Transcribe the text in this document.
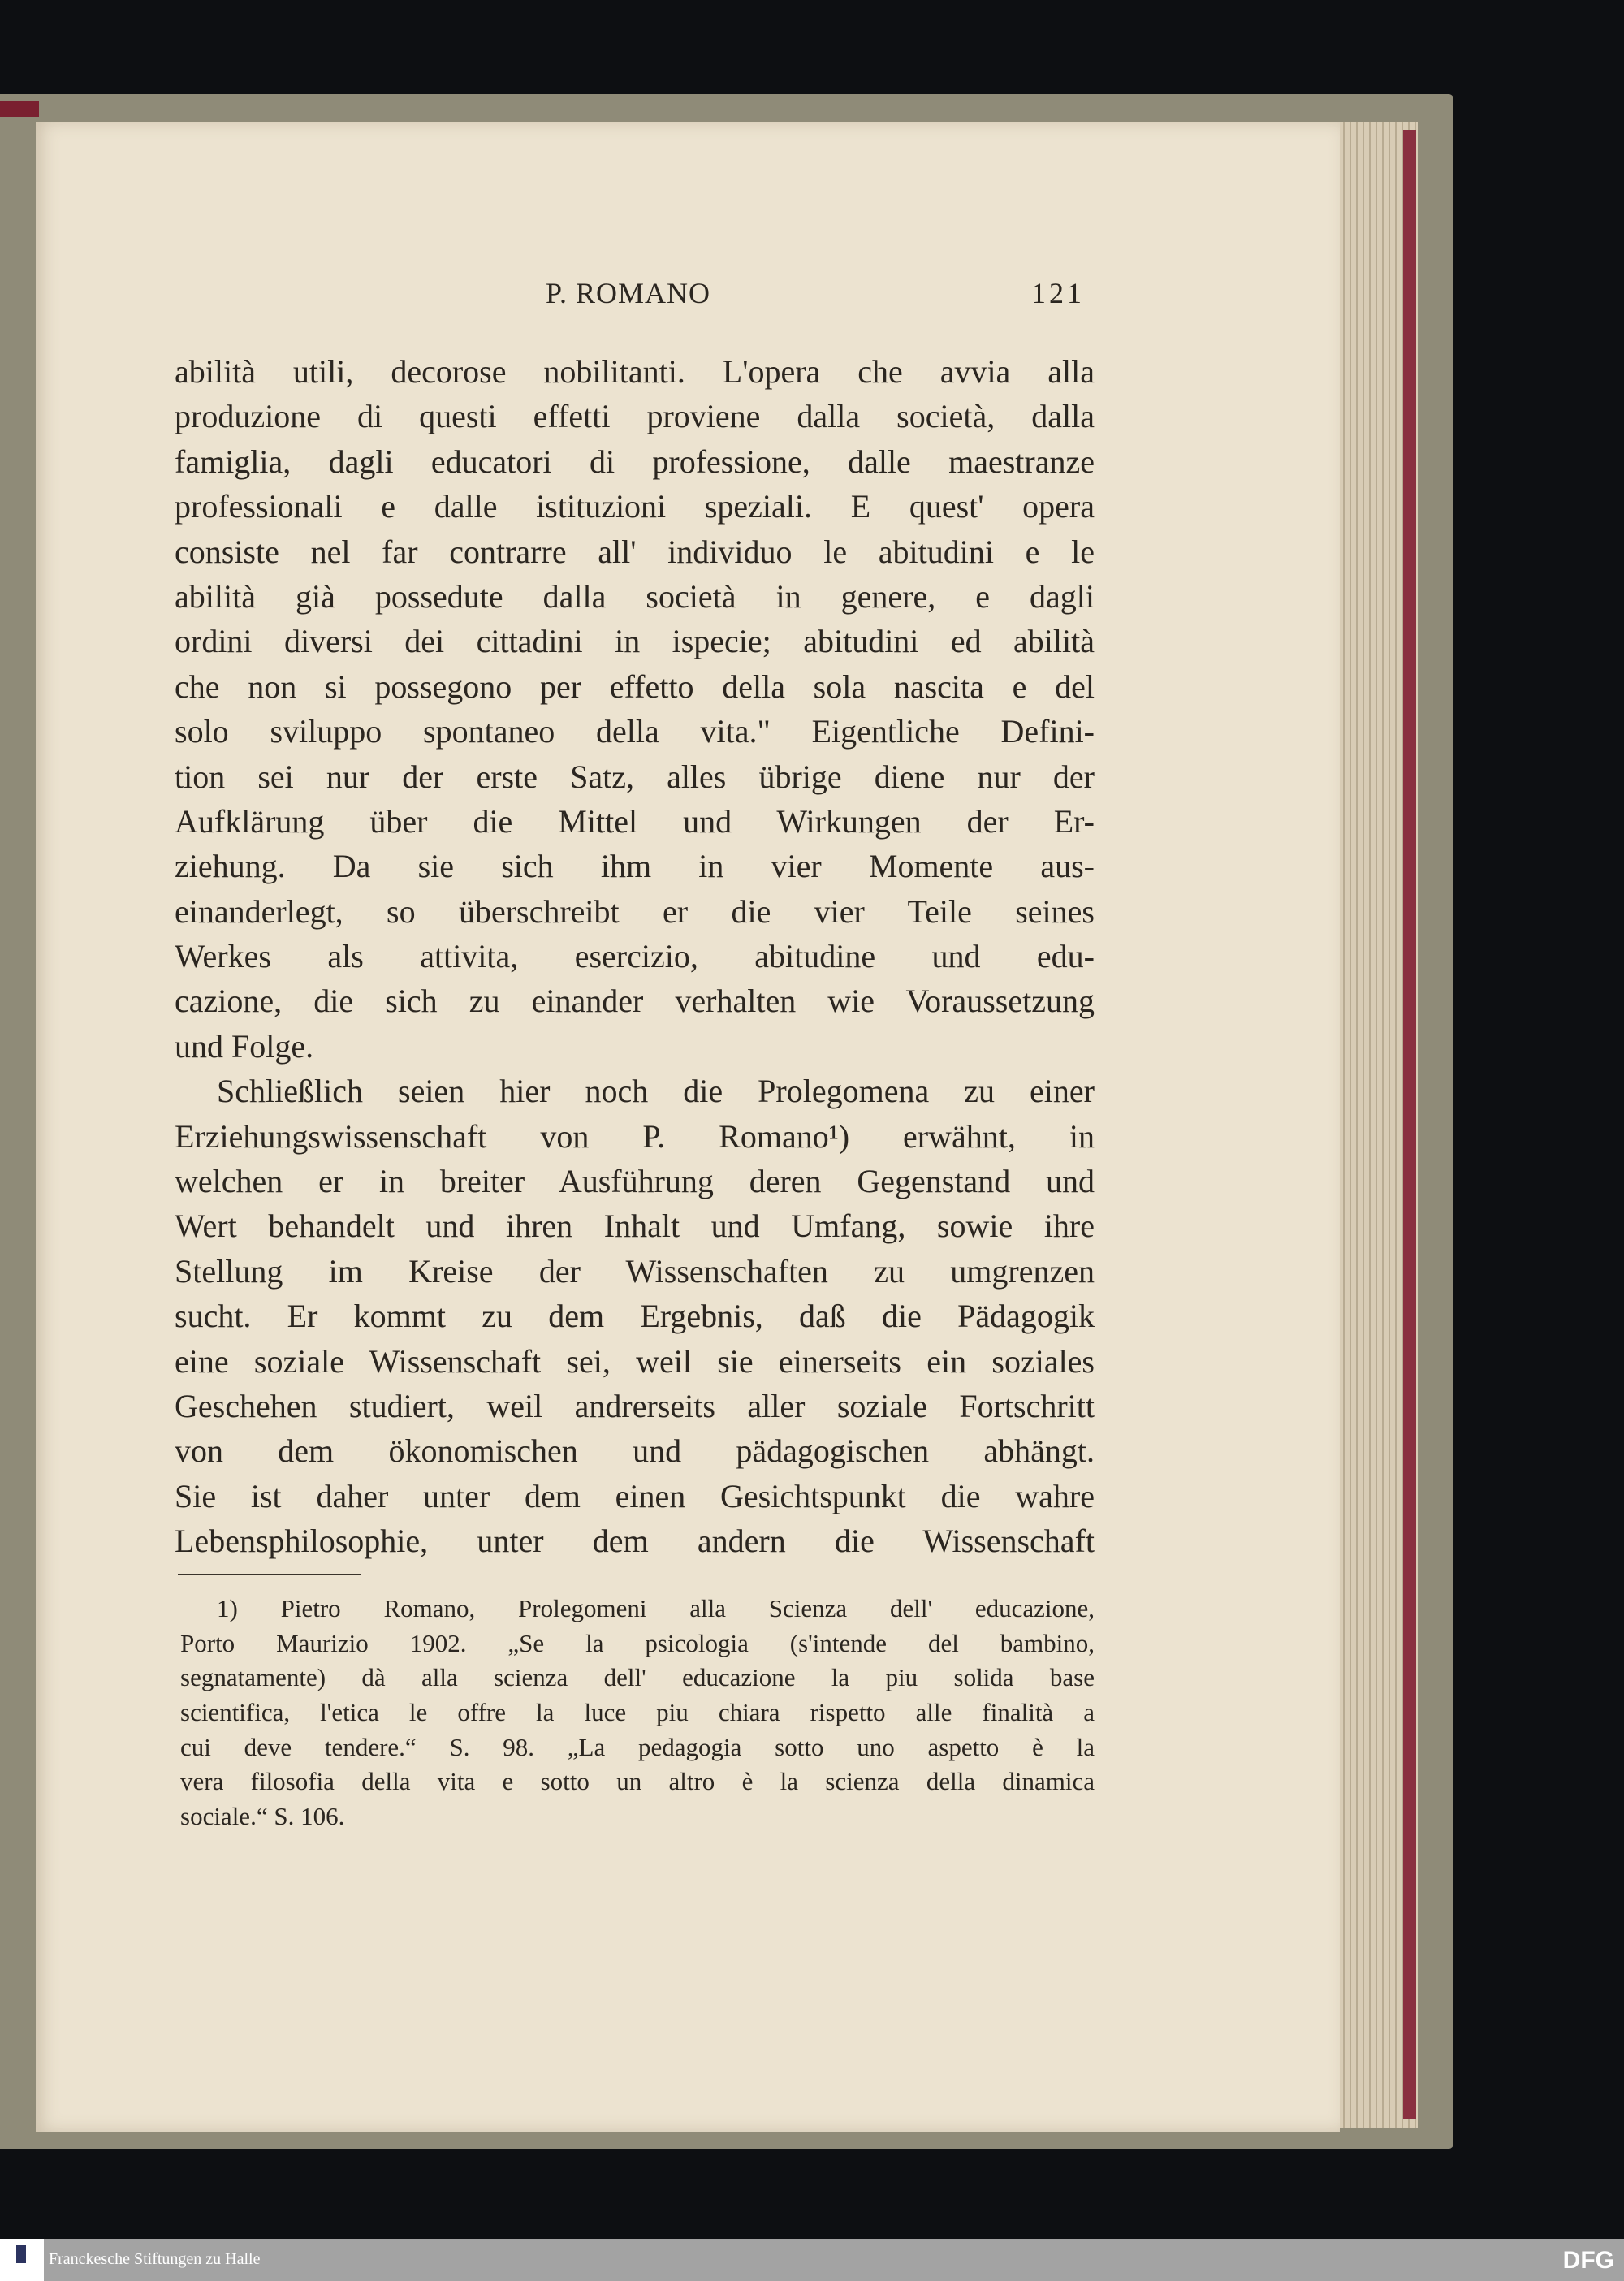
P. ROMANO	121
abilità utili, decorose nobilitanti. L'opera che avvia alla
produzione di questi effetti proviene dalla società, dalla
famiglia, dagli educatori di professione, dalle maestranze
professionali e dalle istituzioni speziali. E quest' opera
consiste nel far contrarre all' individuo le abitudini e le
abilità già possedute dalla società in genere, e dagli
ordini diversi dei cittadini in ispecie; abitudini ed abilità
che non si possegono per effetto della sola nascita e del
solo sviluppo spontaneo della vita." Eigentliche Defini-
tion sei nur der erste Satz, alles übrige diene nur der
Aufklärung über die Mittel und Wirkungen der Er-
ziehung. Da sie sich ihm in vier Momente aus-
einanderlegt, so überschreibt er die vier Teile seines
Werkes als attivita, esercizio, abitudine und edu-
cazione, die sich zu einander verhalten wie Voraussetzung
und Folge.
Schließlich seien hier noch die Prolegomena zu einer
Erziehungswissenschaft von P. Romano¹) erwähnt, in
welchen er in breiter Ausführung deren Gegenstand und
Wert behandelt und ihren Inhalt und Umfang, sowie ihre
Stellung im Kreise der Wissenschaften zu umgrenzen
sucht. Er kommt zu dem Ergebnis, daß die Pädagogik
eine soziale Wissenschaft sei, weil sie einerseits ein soziales
Geschehen studiert, weil andrerseits aller soziale Fortschritt
von dem ökonomischen und pädagogischen abhängt.
Sie ist daher unter dem einen Gesichtspunkt die wahre
Lebensphilosophie, unter dem andern die Wissenschaft
1) Pietro Romano, Prolegomeni alla Scienza dell' educazione,
Porto Maurizio 1902. „Se la psicologia (s'intende del bambino,
segnatamente) dà alla scienza dell' educazione la piu solida base
scientifica, l'etica le offre la luce piu chiara rispetto alle finalità a
cui deve tendere.“ S. 98. „La pedagogia sotto uno aspetto è la
vera filosofia della vita e sotto un altro è la scienza della dinamica
sociale.“ S. 106.
Franckesche Stiftungen zu Halle	DFG
